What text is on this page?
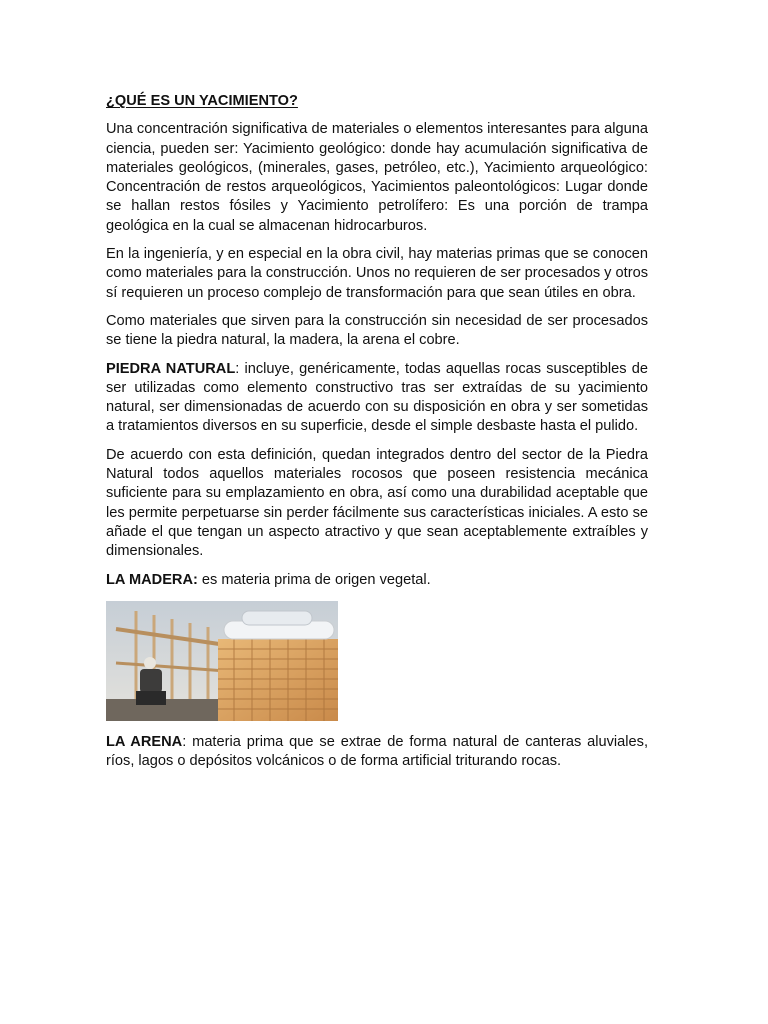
¿QUÉ ES UN YACIMIENTO?

Una concentración significativa de materiales o elementos interesantes para alguna ciencia, pueden ser: Yacimiento geológico: donde hay acumulación significativa de materiales geológicos, (minerales, gases, petróleo, etc.), Yacimiento arqueológico: Concentración de restos arqueológicos, Yacimientos paleontológicos: Lugar donde se hallan restos fósiles y Yacimiento petrolífero: Es una porción de trampa geológica en la cual se almacenan hidrocarburos.

En la ingeniería, y en especial en la obra civil, hay materias primas que se conocen como materiales para la construcción. Unos no requieren de ser procesados y otros sí requieren un proceso complejo de transformación para que sean útiles en obra.

Como materiales que sirven para la construcción sin necesidad de ser procesados se tiene la piedra natural, la madera, la arena el cobre.

PIEDRA NATURAL: incluye, genéricamente, todas aquellas rocas susceptibles de ser utilizadas como elemento constructivo tras ser extraídas de su yacimiento natural, ser dimensionadas de acuerdo con su disposición en obra y ser sometidas a tratamientos diversos en su superficie, desde el simple desbaste hasta el pulido.

De acuerdo con esta definición, quedan integrados dentro del sector de la Piedra Natural todos aquellos materiales rocosos que poseen resistencia mecánica suficiente para su emplazamiento en obra, así como una durabilidad aceptable que les permite perpetuarse sin perder fácilmente sus características iniciales. A esto se añade el que tengan un aspecto atractivo y que sean aceptablemente extraíbles y dimensionales.

LA MADERA: es materia prima de origen vegetal.

LA ARENA: materia prima que se extrae de forma natural de canteras aluviales, ríos, lagos o depósitos volcánicos o de forma artificial triturando rocas.
